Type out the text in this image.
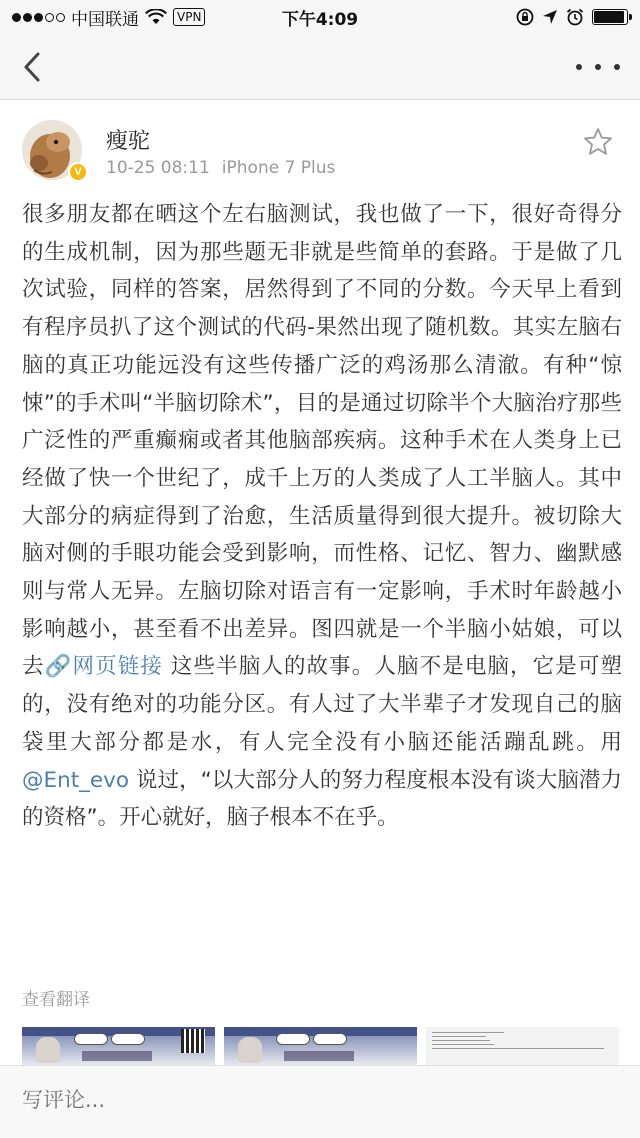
中国联通	VPN	下午4:09
V
瘦驼
10-25 08:11 iPhone 7 Plus
很多朋友都在晒这个左右脑测试，我也做了一下，很好奇得分的生成机制，因为那些题无非就是些简单的套路。于是做了几次试验，同样的答案，居然得到了不同的分数。今天早上看到有程序员扒了这个测试的代码-果然出现了随机数。其实左脑右脑的真正功能远没有这些传播广泛的鸡汤那么清澈。有种“惊悚”的手术叫“半脑切除术”，目的是通过切除半个大脑治疗那些广泛性的严重癫痫或者其他脑部疾病。这种手术在人类身上已经做了快一个世纪了，成千上万的人类成了人工半脑人。其中大部分的病症得到了治愈，生活质量得到很大提升。被切除大脑对侧的手眼功能会受到影响，而性格、记忆、智力、幽默感则与常人无异。左脑切除对语言有一定影响，手术时年龄越小影响越小，甚至看不出差异。图四就是一个半脑小姑娘，可以去🔗网页链接 这些半脑人的故事。人脑不是电脑，它是可塑的，没有绝对的功能分区。有人过了大半辈子才发现自己的脑袋里大部分都是水，有人完全没有小脑还能活蹦乱跳。用@Ent_evo 说过，“以大部分人的努力程度根本没有谈大脑潜力的资格”。开心就好，脑子根本不在乎。
查看翻译
写评论...
